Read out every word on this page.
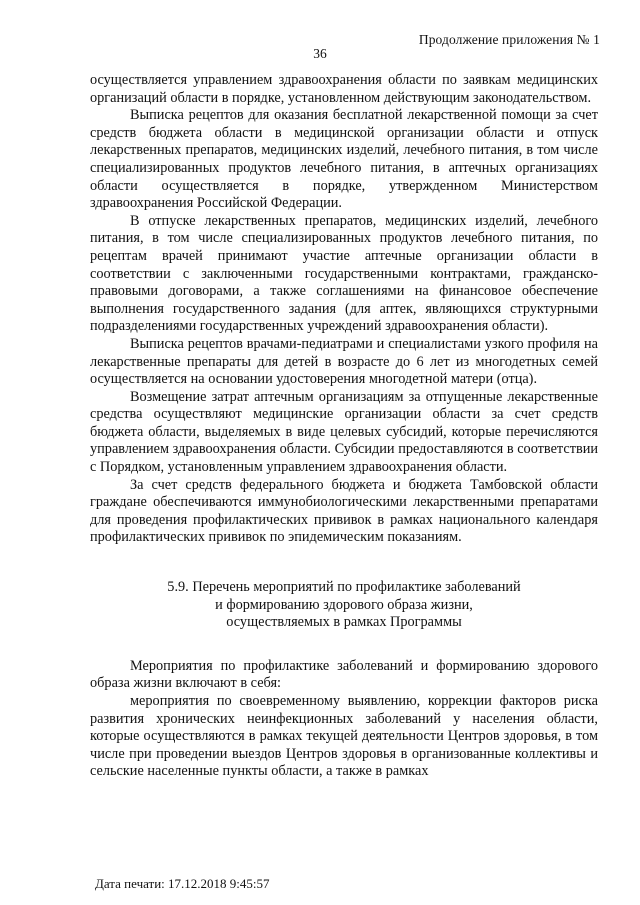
Продолжение приложения № 1
36

осуществляется управлением здравоохранения области по заявкам медицинских организаций области в порядке, установленном действующим законодательством.

Выписка рецептов для оказания бесплатной лекарственной помощи за счет средств бюджета области в медицинской организации области и отпуск лекарственных препаратов, медицинских изделий, лечебного питания, в том числе специализированных продуктов лечебного питания, в аптечных организациях области осуществляется в порядке, утвержденном Министерством здравоохранения Российской Федерации.

В отпуске лекарственных препаратов, медицинских изделий, лечебного питания, в том числе специализированных продуктов лечебного питания, по рецептам врачей принимают участие аптечные организации области в соответствии с заключенными государственными контрактами, гражданско-правовыми договорами, а также соглашениями на финансовое обеспечение выполнения государственного задания (для аптек, являющихся структурными подразделениями государственных учреждений здравоохранения области).

Выписка рецептов врачами-педиатрами и специалистами узкого профиля на лекарственные препараты для детей в возрасте до 6 лет из многодетных семей осуществляется на основании удостоверения многодетной матери (отца).

Возмещение затрат аптечным организациям за отпущенные лекарственные средства осуществляют медицинские организации области за счет средств бюджета области, выделяемых в виде целевых субсидий, которые перечисляются управлением здравоохранения области. Субсидии предоставляются в соответствии с Порядком, установленным управлением здравоохранения области.

За счет средств федерального бюджета и бюджета Тамбовской области граждане обеспечиваются иммунобиологическими лекарственными препаратами для проведения профилактических прививок в рамках национального календаря профилактических прививок по эпидемическим показаниям.

5.9. Перечень мероприятий по профилактике заболеваний
и формированию здорового образа жизни,
осуществляемых в рамках Программы

Мероприятия по профилактике заболеваний и формированию здорового образа жизни включают в себя:

мероприятия по своевременному выявлению, коррекции факторов риска развития хронических неинфекционных заболеваний у населения области, которые осуществляются в рамках текущей деятельности Центров здоровья, в том числе при проведении выездов Центров здоровья в организованные коллективы и сельские населенные пункты области, а также в рамках

Дата печати: 17.12.2018 9:45:57
